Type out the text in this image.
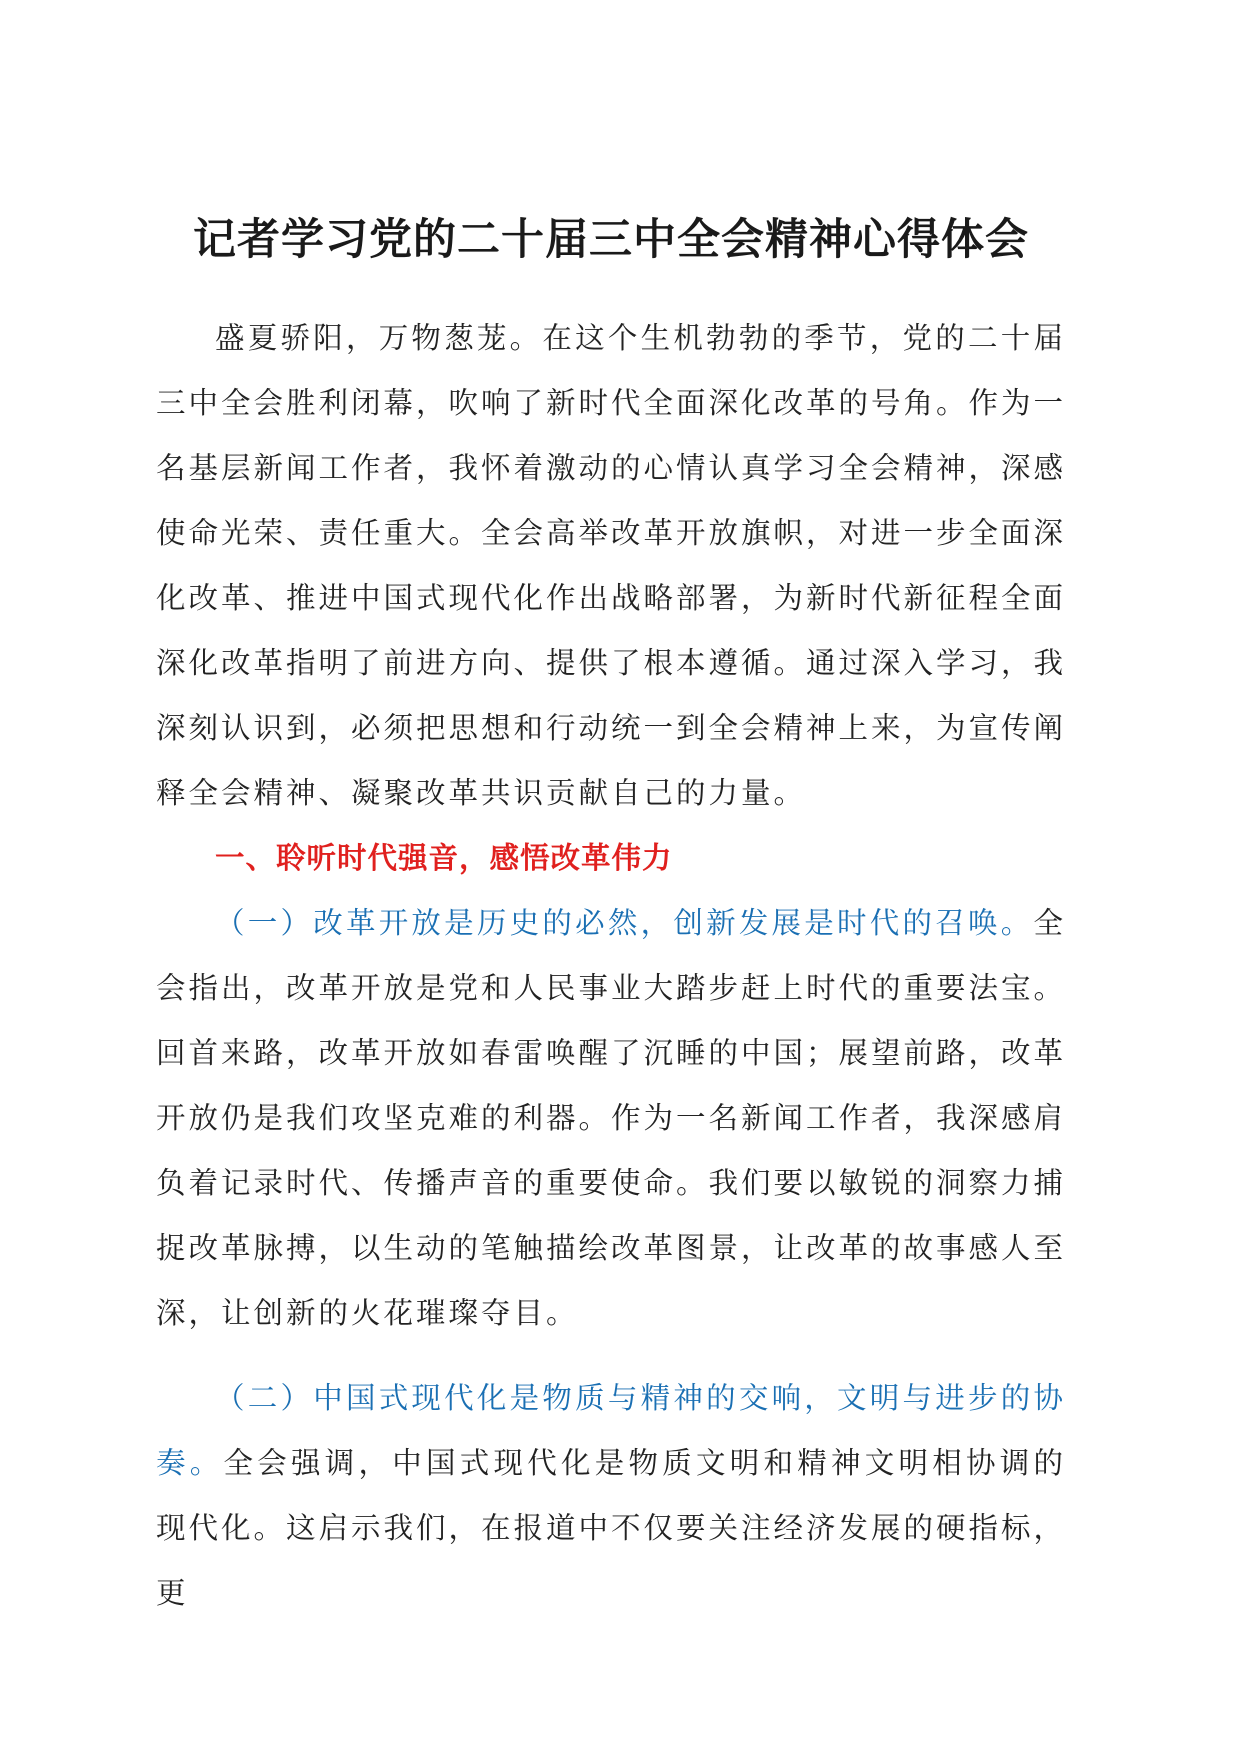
记者学习党的二十届三中全会精神心得体会

盛夏骄阳，万物葱茏。在这个生机勃勃的季节，党的二十届三中全会胜利闭幕，吹响了新时代全面深化改革的号角。作为一名基层新闻工作者，我怀着激动的心情认真学习全会精神，深感使命光荣、责任重大。全会高举改革开放旗帜，对进一步全面深化改革、推进中国式现代化作出战略部署，为新时代新征程全面深化改革指明了前进方向、提供了根本遵循。通过深入学习，我深刻认识到，必须把思想和行动统一到全会精神上来，为宣传阐释全会精神、凝聚改革共识贡献自己的力量。

一、聆听时代强音，感悟改革伟力

（一）改革开放是历史的必然，创新发展是时代的召唤。全会指出，改革开放是党和人民事业大踏步赶上时代的重要法宝。回首来路，改革开放如春雷唤醒了沉睡的中国；展望前路，改革开放仍是我们攻坚克难的利器。作为一名新闻工作者，我深感肩负着记录时代、传播声音的重要使命。我们要以敏锐的洞察力捕捉改革脉搏，以生动的笔触描绘改革图景，让改革的故事感人至深，让创新的火花璀璨夺目。

（二）中国式现代化是物质与精神的交响，文明与进步的协奏。全会强调，中国式现代化是物质文明和精神文明相协调的现代化。这启示我们，在报道中不仅要关注经济发展的硬指标，更
